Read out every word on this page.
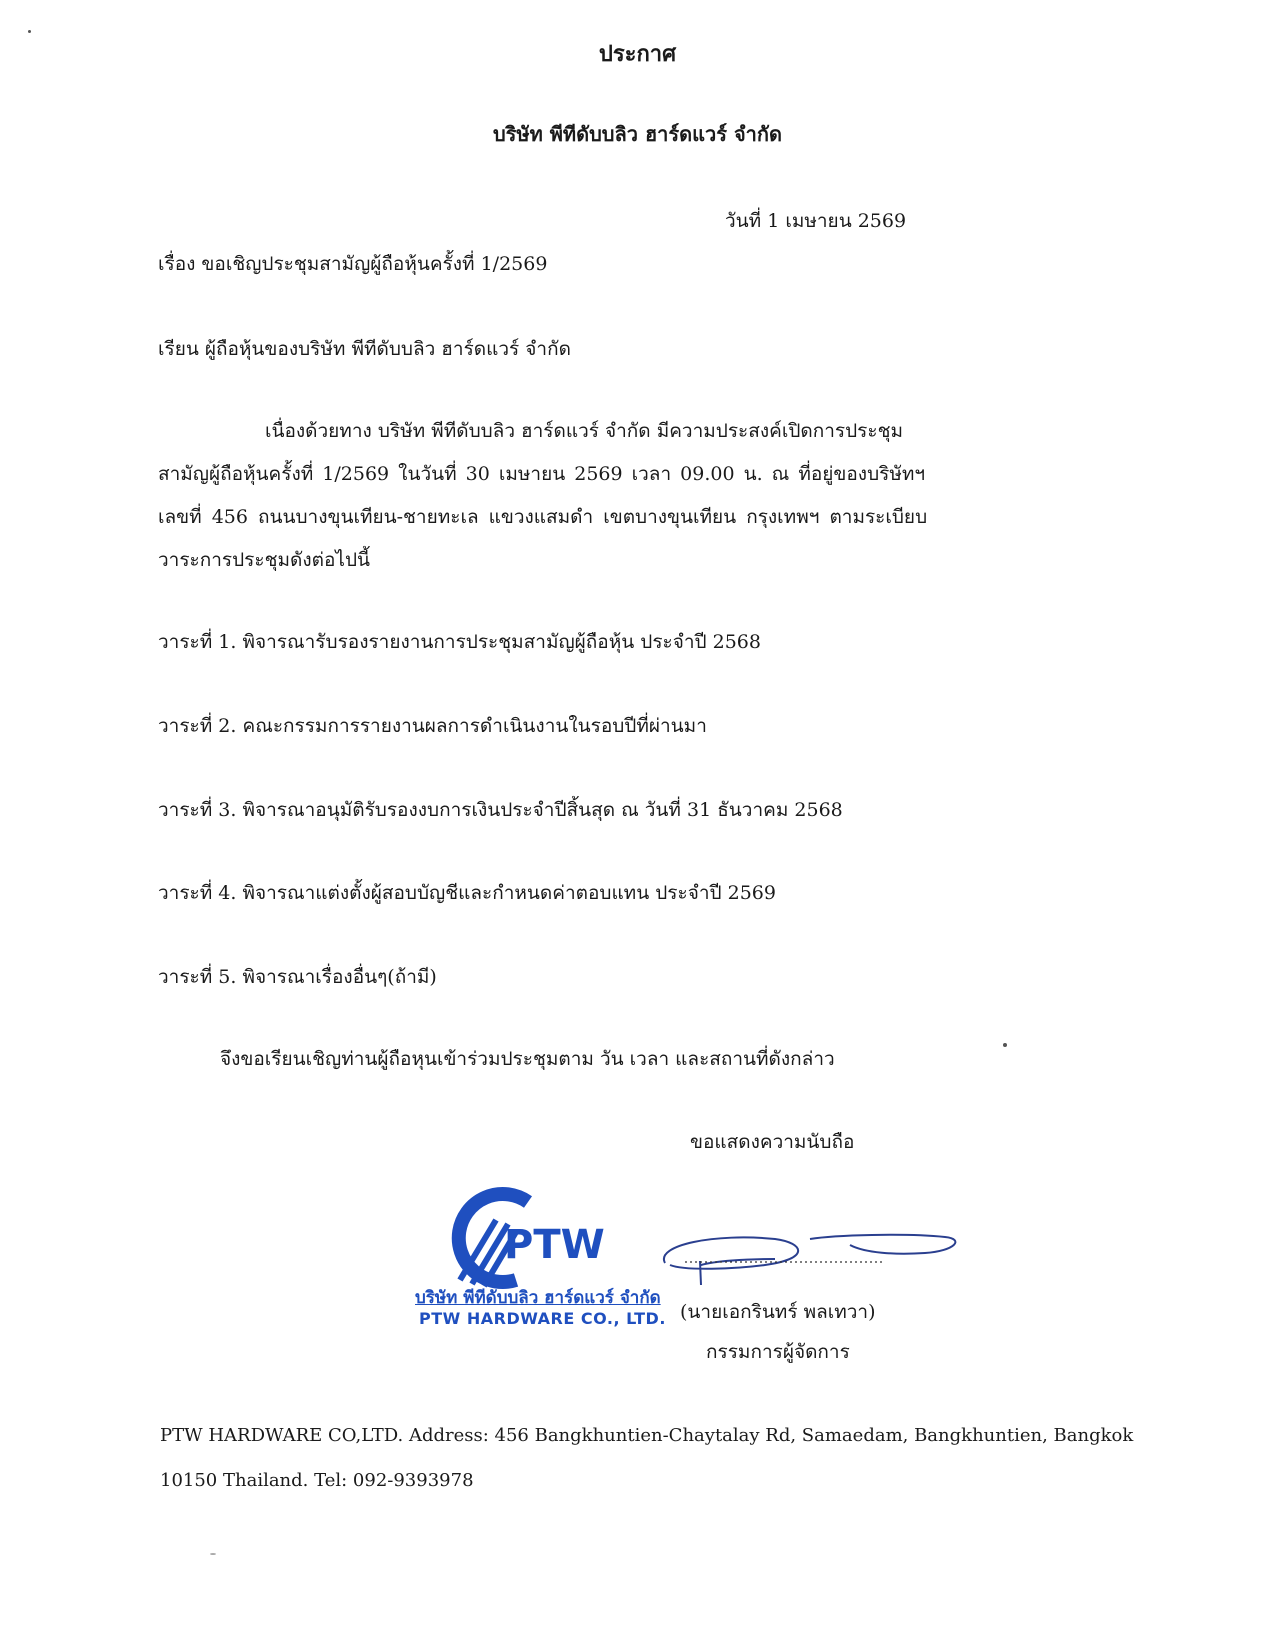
ประกาศ
บริษัท พีทีดับบลิว ฮาร์ดแวร์ จำกัด
วันที่ 1 เมษายน 2569
เรื่อง ขอเชิญประชุมสามัญผู้ถือหุ้นครั้งที่ 1/2569
เรียน ผู้ถือหุ้นของบริษัท พีทีดับบลิว ฮาร์ดแวร์ จำกัด
เนื่องด้วยทาง บริษัท พีทีดับบลิว ฮาร์ดแวร์ จำกัด มีความประสงค์เปิดการประชุม
สามัญผู้ถือหุ้นครั้งที่ 1/2569 ในวันที่ 30 เมษายน 2569 เวลา 09.00 น. ณ ที่อยู่ของบริษัทฯ
เลขที่ 456 ถนนบางขุนเทียน-ชายทะเล แขวงแสมดำ เขตบางขุนเทียน กรุงเทพฯ ตามระเบียบ
วาระการประชุมดังต่อไปนี้
วาระที่ 1. พิจารณารับรองรายงานการประชุมสามัญผู้ถือหุ้น ประจำปี 2568
วาระที่ 2. คณะกรรมการรายงานผลการดำเนินงานในรอบปีที่ผ่านมา
วาระที่ 3. พิจารณาอนุมัติรับรองงบการเงินประจำปีสิ้นสุด ณ วันที่ 31 ธันวาคม 2568
วาระที่ 4. พิจารณาแต่งตั้งผู้สอบบัญชีและกำหนดค่าตอบแทน ประจำปี 2569
วาระที่ 5. พิจารณาเรื่องอื่นๆ(ถ้ามี)
จึงขอเรียนเชิญท่านผู้ถือหุนเข้าร่วมประชุมตาม วัน เวลา และสถานที่ดังกล่าว
ขอแสดงความนับถือ
PTW
บริษัท พีทีดับบลิว ฮาร์ดแวร์ จำกัด
PTW HARDWARE CO., LTD. (นายเอกรินทร์ พลเทวา)
กรรมการผู้จัดการ
PTW HARDWARE CO,LTD. Address: 456 Bangkhuntien-Chaytalay Rd, Samaedam, Bangkhuntien, Bangkok
10150 Thailand. Tel: 092-9393978
